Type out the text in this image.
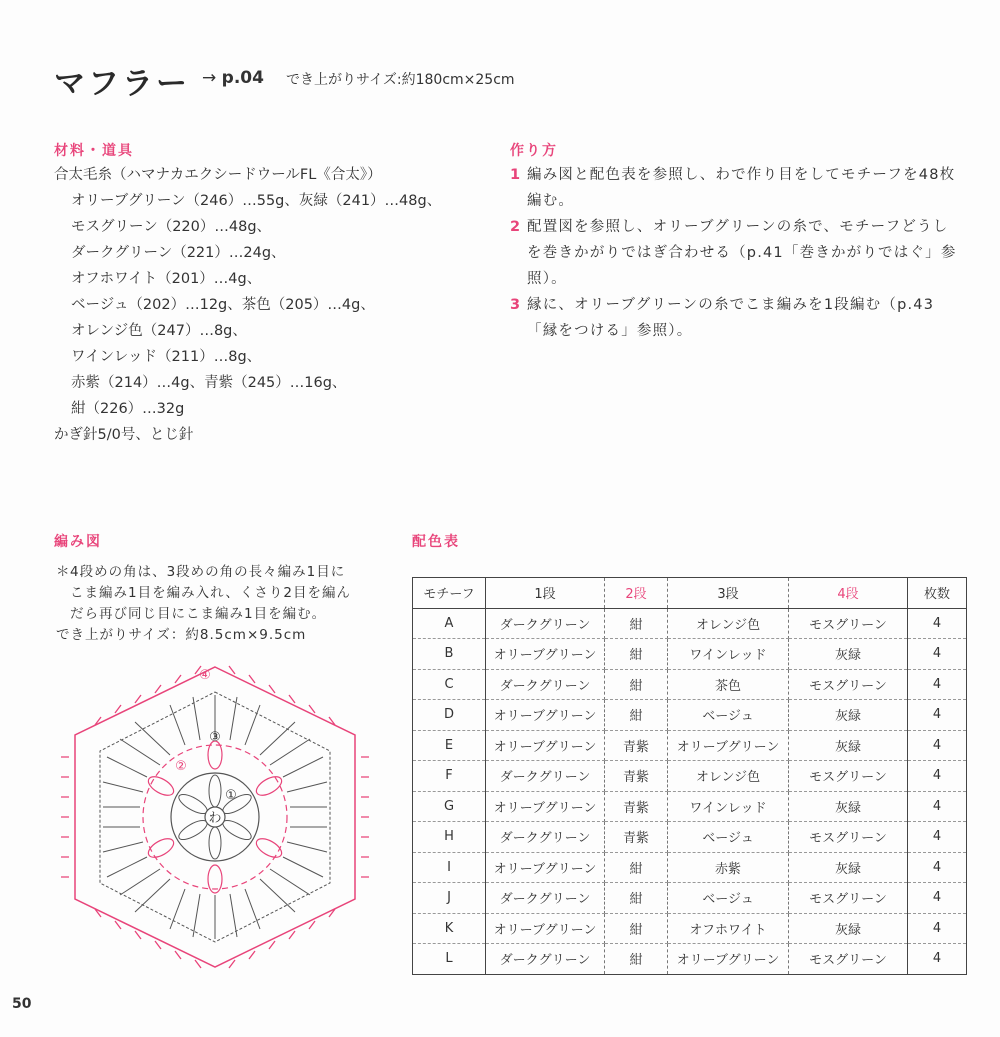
マフラー → p.04 でき上がりサイズ:約180cm×25cm
材料・道具
合太毛糸（ハマナカエクシードウールFL《合太》）
オリーブグリーン（246）…55g、灰緑（241）…48g、
モスグリーン（220）…48g、
ダークグリーン（221）…24g、
オフホワイト（201）…4g、
ベージュ（202）…12g、茶色（205）…4g、
オレンジ色（247）…8g、
ワインレッド（211）…8g、
赤紫（214）…4g、青紫（245）…16g、
紺（226）…32g
かぎ針5/0号、とじ針
作り方
1 編み図と配色表を参照し、わで作り目をしてモチーフを48枚編む。
2 配置図を参照し、オリーブグリーンの糸で、モチーフどうしを巻きかがりではぎ合わせる（p.41「巻きかがりではぐ」参照）。
3 縁に、オリーブグリーンの糸でこま編みを1段編む（p.43「縁をつける」参照）。
編み図
＊4段めの角は、3段めの角の長々編み1目に
こま編み1目を編み入れ、くさり2目を編ん
だら再び同じ目にこま編み1目を編む。
でき上がりサイズ：約8.5cm×9.5cm
わ
①
②
③
④
配色表
モチーフ	1段	2段	3段	4段	枚数
A	ダークグリーン	紺	オレンジ色	モスグリーン	4
B	オリーブグリーン	紺	ワインレッド	灰緑	4
C	ダークグリーン	紺	茶色	モスグリーン	4
D	オリーブグリーン	紺	ベージュ	灰緑	4
E	オリーブグリーン	青紫	オリーブグリーン	灰緑	4
F	ダークグリーン	青紫	オレンジ色	モスグリーン	4
G	オリーブグリーン	青紫	ワインレッド	灰緑	4
H	ダークグリーン	青紫	ベージュ	モスグリーン	4
I	オリーブグリーン	紺	赤紫	灰緑	4
J	ダークグリーン	紺	ベージュ	モスグリーン	4
K	オリーブグリーン	紺	オフホワイト	灰緑	4
L	ダークグリーン	紺	オリーブグリーン	モスグリーン	4
50
